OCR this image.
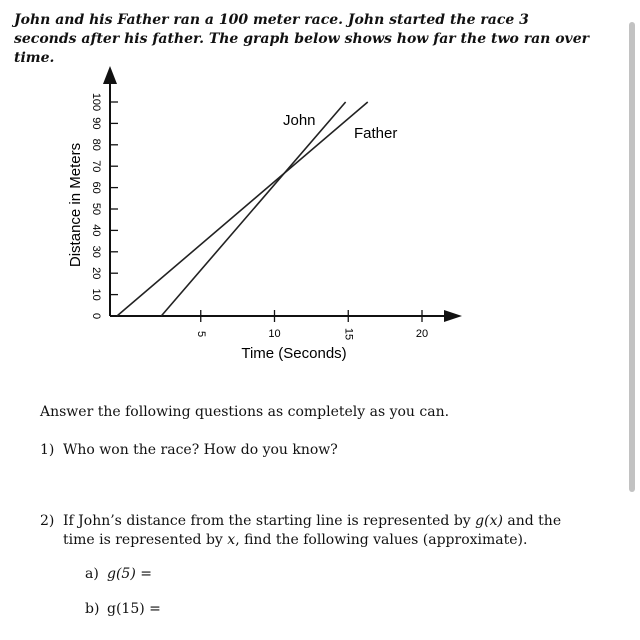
John and his Father ran a 100 meter race. John started the race 3 seconds after his father. The graph below shows how far the two ran over time.
0
10
20
30
40
50
60
70
80
90
100
5	10	15	20
John
Father
Time (Seconds)
Distance in Meters
Answer the following questions as completely as you can.
1) Who won the race? How do you know?
2) If John’s distance from the starting line is represented by g(x) and the time is represented by x, find the following values (approximate).
a) g(5) =
b) g(15) =
